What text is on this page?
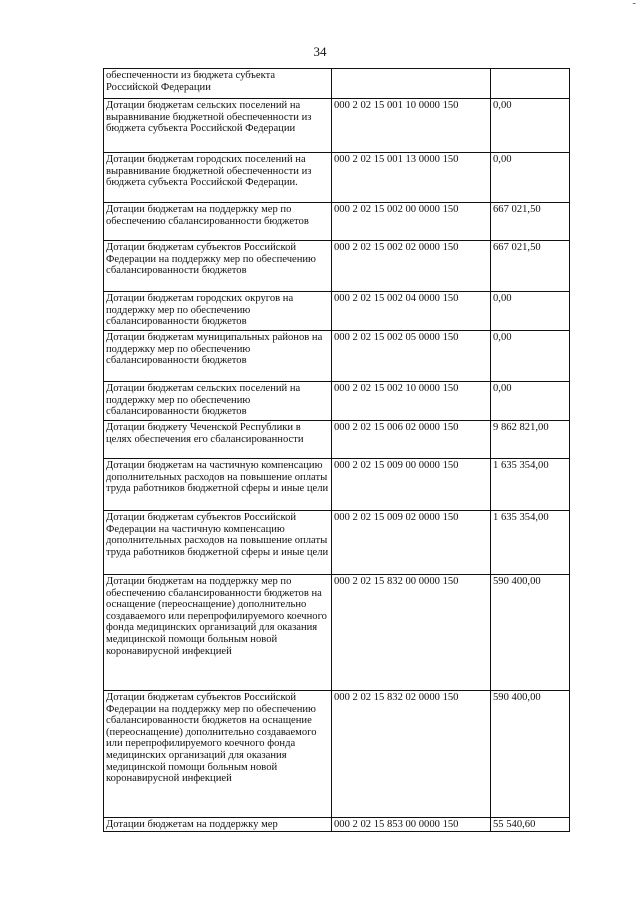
-
34
обеспеченности из бюджета субъекта Российской Федерации		
Дотации бюджетам сельских поселений на выравнивание бюджетной обеспеченности из бюджета субъекта Российской Федерации	000 2 02 15 001 10 0000 150	0,00
Дотации бюджетам городских поселений на выравнивание бюджетной обеспеченности из бюджета субъекта Российской Федерации.	000 2 02 15 001 13 0000 150	0,00
Дотации бюджетам на поддержку мер по обеспечению сбалансированности бюджетов	000 2 02 15 002 00 0000 150	667 021,50
Дотации бюджетам субъектов Российской Федерации на поддержку мер по обеспечению сбалансированности бюджетов	000 2 02 15 002 02 0000 150	667 021,50
Дотации бюджетам городских округов на поддержку мер по обеспечению сбалансированности бюджетов	000 2 02 15 002 04 0000 150	0,00
Дотации бюджетам муниципальных районов на поддержку мер по обеспечению сбалансированности бюджетов	000 2 02 15 002 05 0000 150	0,00
Дотации бюджетам сельских поселений на поддержку мер по обеспечению сбалансированности бюджетов	000 2 02 15 002 10 0000 150	0,00
Дотации бюджету Чеченской Республики в целях обеспечения его сбалансированности	000 2 02 15 006 02 0000 150	9 862 821,00
Дотации бюджетам на частичную компенсацию дополнительных расходов на повышение оплаты труда работников бюджетной сферы и иные цели	000 2 02 15 009 00 0000 150	1 635 354,00
Дотации бюджетам субъектов Российской Федерации на частичную компенсацию дополнительных расходов на повышение оплаты труда работников бюджетной сферы и иные цели	000 2 02 15 009 02 0000 150	1 635 354,00
Дотации бюджетам на поддержку мер по обеспечению сбалансированности бюджетов на оснащение (переоснащение) дополнительно создаваемого или перепрофилируемого коечного фонда медицинских организаций для оказания медицинской помощи больным новой коронавирусной инфекцией	000 2 02 15 832 00 0000 150	590 400,00
Дотации бюджетам субъектов Российской Федерации на поддержку мер по обеспечению сбалансированности бюджетов на оснащение (переоснащение) дополнительно создаваемого или перепрофилируемого коечного фонда медицинских организаций для оказания медицинской помощи больным новой коронавирусной инфекцией	000 2 02 15 832 02 0000 150	590 400,00
Дотации бюджетам на поддержку мер	000 2 02 15 853 00 0000 150	55 540,60
